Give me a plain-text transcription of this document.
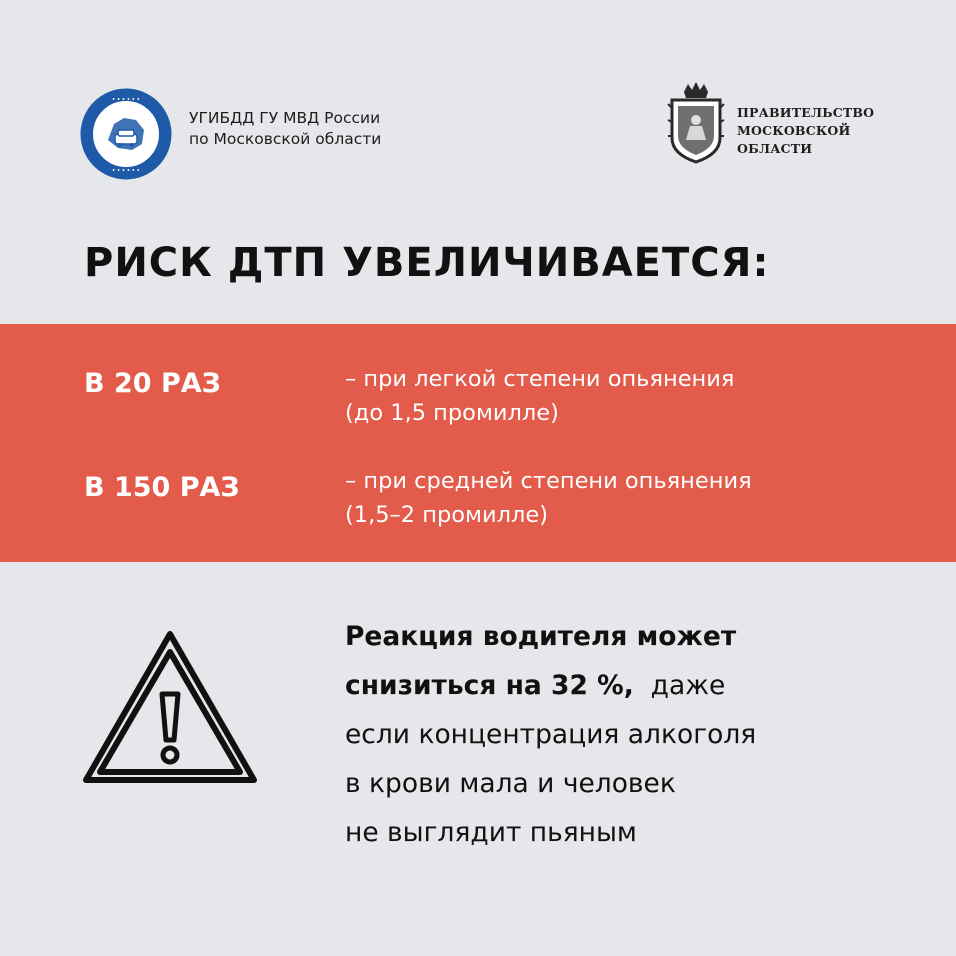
• • • • • •
• • • • • •
УГИБДД ГУ МВД России
по Московской области
ПРАВИТЕЛЬСТВО
МОСКОВСКОЙ
ОБЛАСТИ
РИСК ДТП УВЕЛИЧИВАЕТСЯ:
В 20 РАЗ	– при легкой степени опьянения
(до 1,5 промилле)
В 150 РАЗ	– при средней степени опьянения
(1,5–2 промилле)
Реакция водителя может
снизиться на 32 %, даже
если концентрация алкоголя
в крови мала и человек
не выглядит пьяным
